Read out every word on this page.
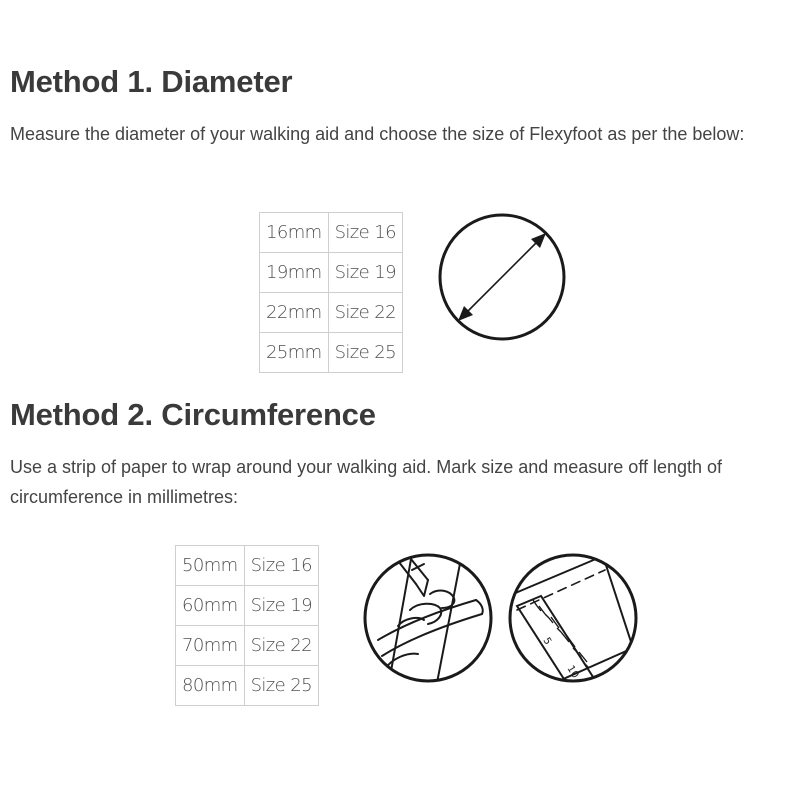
Method 1. Diameter

Measure the diameter of your walking aid and choose the size of Flexyfoot as per the below:

16mm	Size 16
19mm	Size 19
22mm	Size 22
25mm	Size 25
Method 2. Circumference

Use a strip of paper to wrap around your walking aid. Mark size and measure off length of circumference in millimetres:

50mm	Size 16
60mm	Size 19
70mm	Size 22
80mm	Size 25
5
10
